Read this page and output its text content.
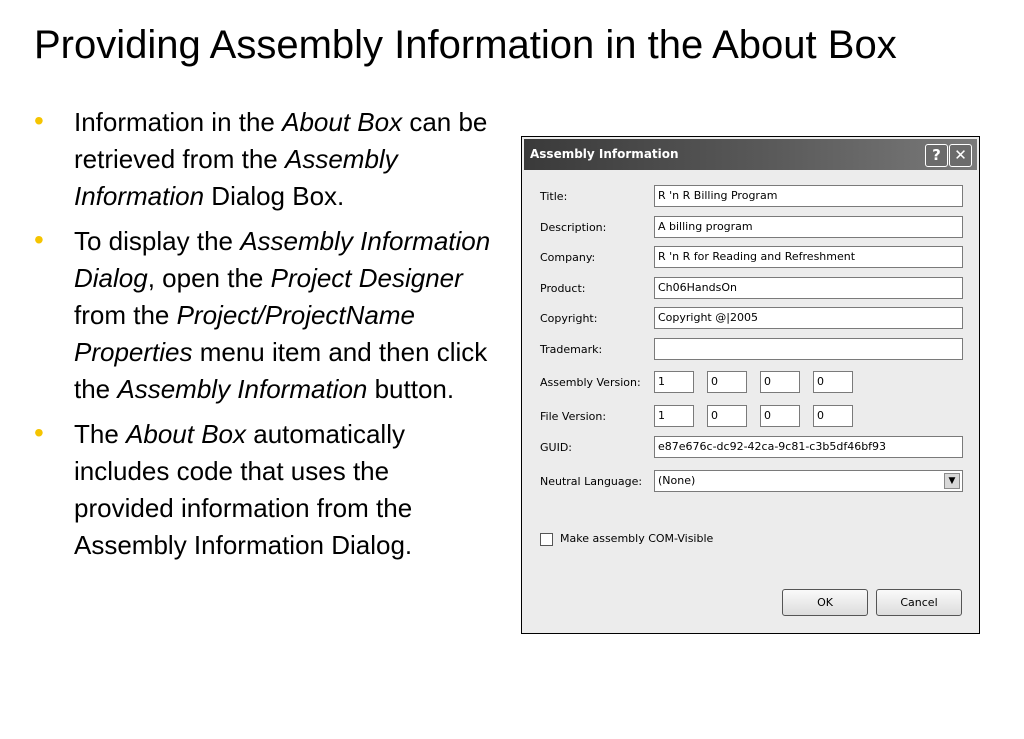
Providing Assembly Information in the About Box
• Information in the About Box can be retrieved from the Assembly Information Dialog Box.
• To display the Assembly Information Dialog, open the Project Designer from the Project/ProjectName Properties menu item and then click the Assembly Information button.
• The About Box automatically includes code that uses the provided information from the Assembly Information Dialog.
Assembly Information	? ✕
Title:	R 'n R Billing Program
Description:	A billing program
Company:	R 'n R for Reading and Refreshment
Product:	Ch06HandsOn
Copyright:	Copyright @|2005
Trademark:
Assembly Version:	1	0	0	0
File Version:	1	0	0	0
GUID:	e87e676c-dc92-42ca-9c81-c3b5df46bf93
Neutral Language:	(None)	▼
Make assembly COM-Visible
OK	Cancel
